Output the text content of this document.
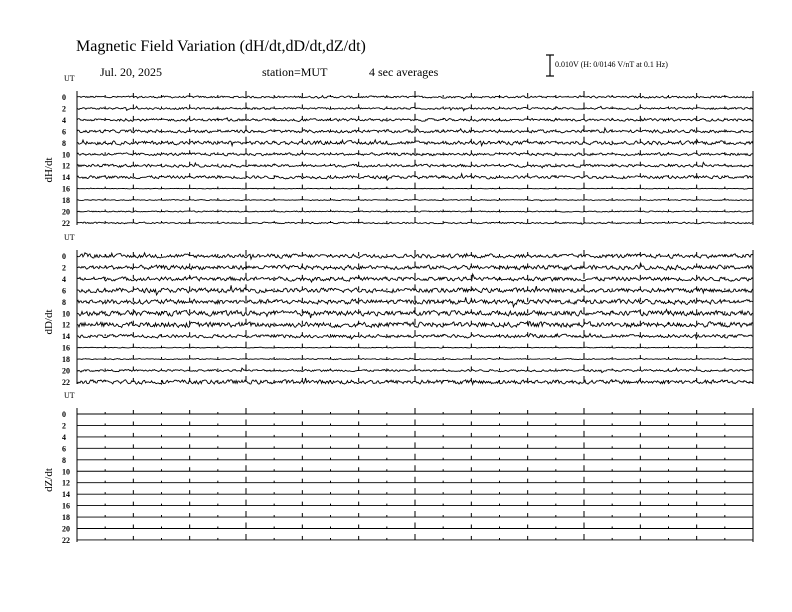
Magnetic Field Variation (dH/dt,dD/dt,dZ/dt)
Jul. 20, 2025	station=MUT	4 sec averages
0.010V (H: 0/0146 V/nT at 0.1 Hz)
UT
dH/dt
0
2
4
6
8
10
12
14
16
18
20
22
UT
dD/dt
0
2
4
6
8
10
12
14
16
18
20
22
UT
dZ/dt
0
2
4
6
8
10
12
14
16
18
20
22
